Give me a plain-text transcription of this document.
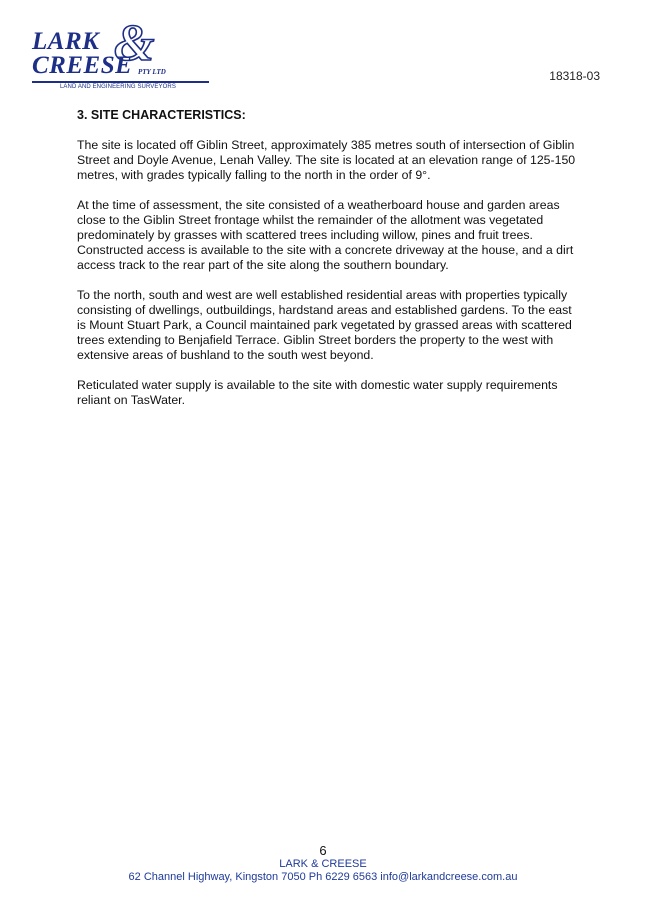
&
LARK
CREESE PTY LTD
LAND AND ENGINEERING SURVEYORS
18318-03
3. SITE CHARACTERISTICS:

The site is located off Giblin Street, approximately 385 metres south of intersection of Giblin Street and Doyle Avenue, Lenah Valley. The site is located at an elevation range of 125-150 metres, with grades typically falling to the north in the order of 9°.

At the time of assessment, the site consisted of a weatherboard house and garden areas close to the Giblin Street frontage whilst the remainder of the allotment was vegetated predominately by grasses with scattered trees including willow, pines and fruit trees. Constructed access is available to the site with a concrete driveway at the house, and a dirt access track to the rear part of the site along the southern boundary.

To the north, south and west are well established residential areas with properties typically consisting of dwellings, outbuildings, hardstand areas and established gardens. To the east is Mount Stuart Park, a Council maintained park vegetated by grassed areas with scattered trees extending to Benjafield Terrace. Giblin Street borders the property to the west with extensive areas of bushland to the south west beyond.

Reticulated water supply is available to the site with domestic water supply requirements reliant on TasWater.

6
LARK & CREESE
62 Channel Highway, Kingston 7050 Ph 6229 6563 info@larkandcreese.com.au
